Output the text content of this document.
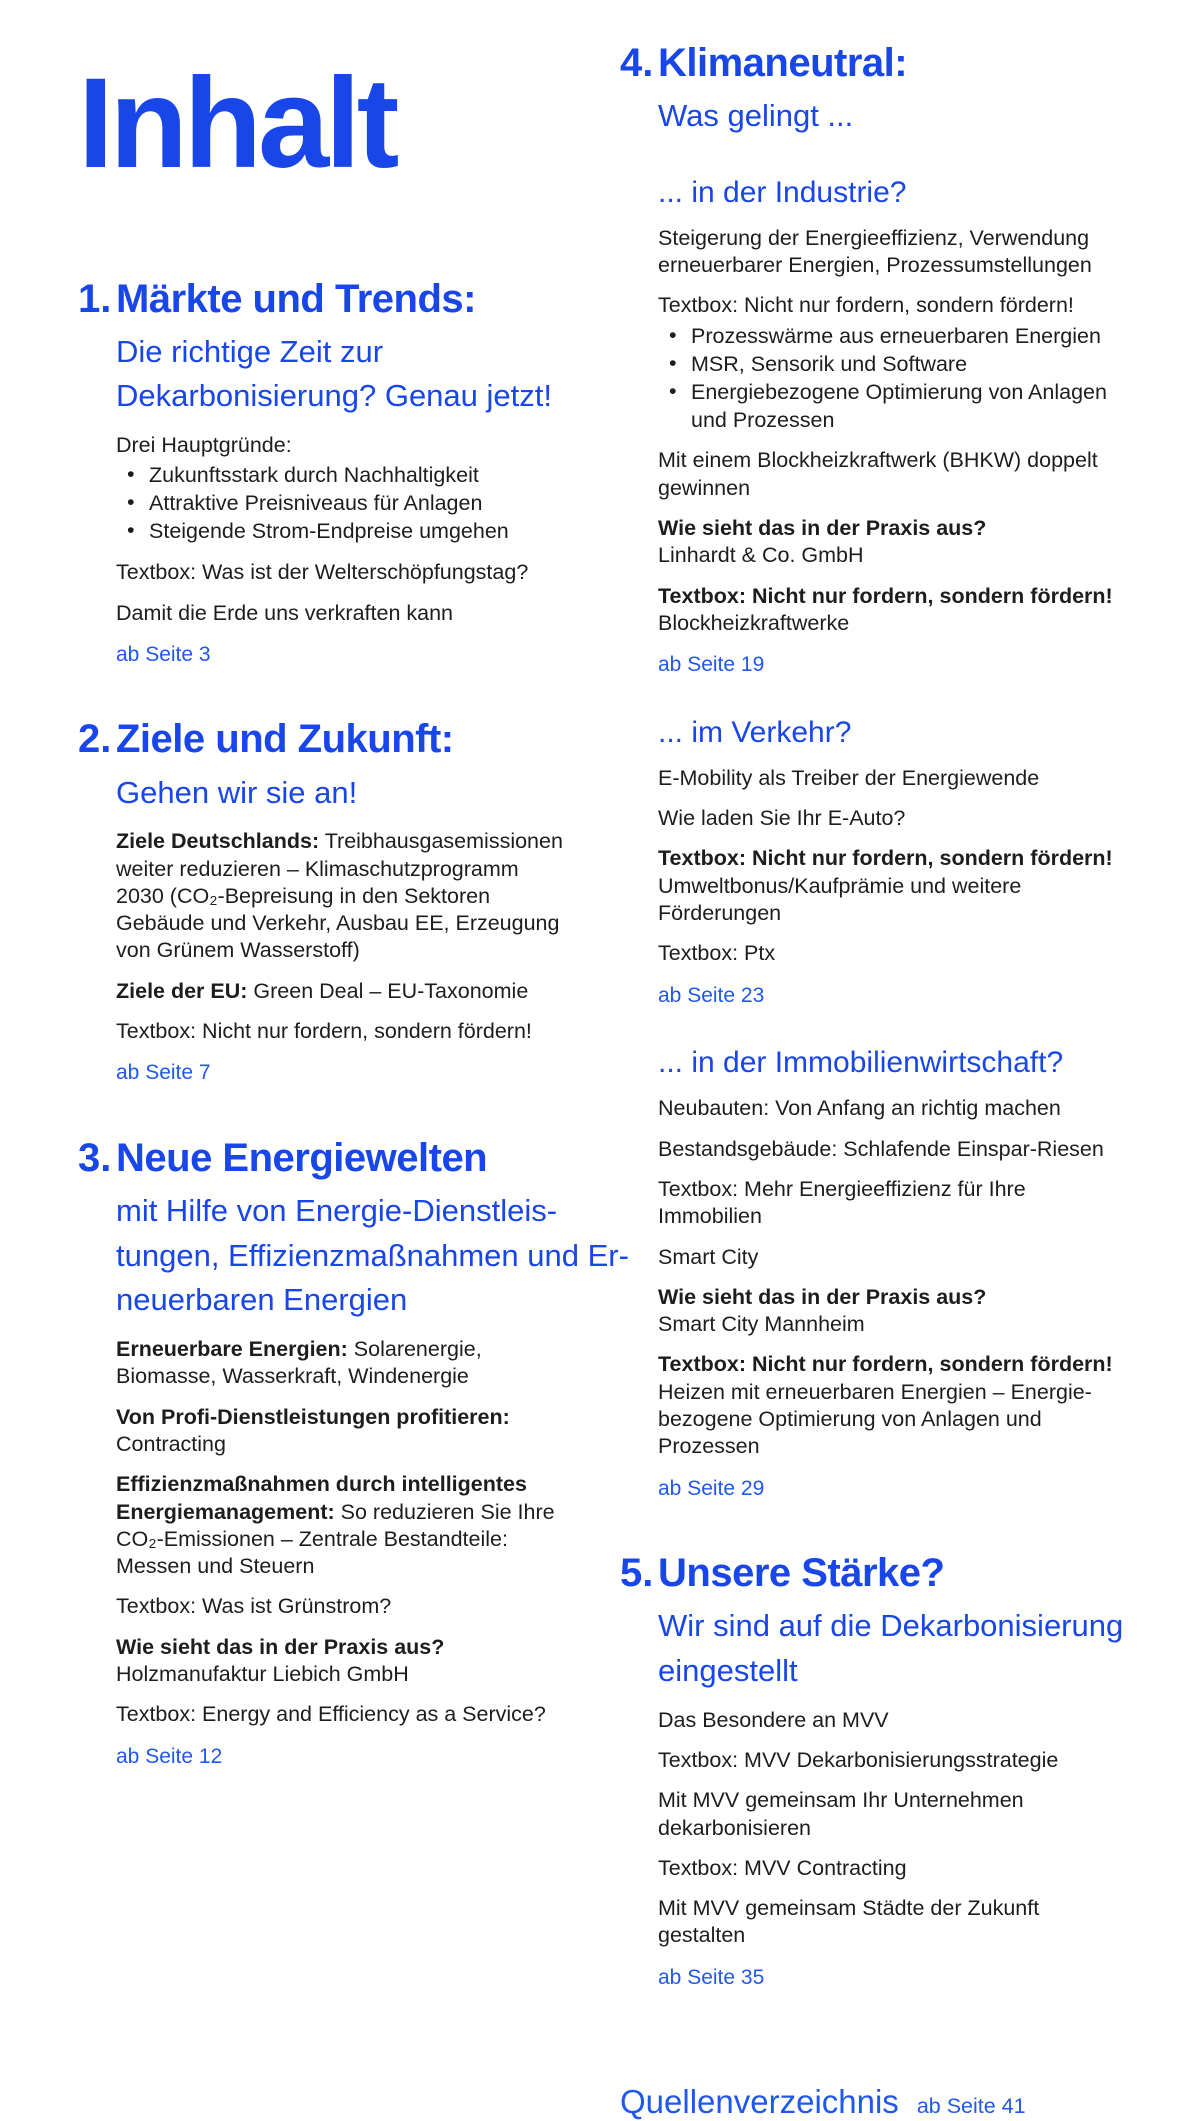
Inhalt
1. Märkte und Trends:
Die richtige Zeit zur
Dekarbonisierung? Genau jetzt!

Drei Hauptgründe:

• Zukunftsstark durch Nachhaltigkeit
• Attraktive Preisniveaus für Anlagen
• Steigende Strom-Endpreise umgehen

Textbox: Was ist der Welterschöpfungstag?

Damit die Erde uns verkraften kann

ab Seite 3

2. Ziele und Zukunft:
Gehen wir sie an!

Ziele Deutschlands: Treibhausgasemissionen weiter reduzieren – Klimaschutzprogramm 2030 (CO₂-Bepreisung in den Sektoren Gebäude und Verkehr, Ausbau EE, Erzeugung von Grünem Wasserstoff)

Ziele der EU: Green Deal – EU-Taxonomie

Textbox: Nicht nur fordern, sondern fördern!

ab Seite 7

3. Neue Energiewelten
mit Hilfe von Energie-Dienstleis-
tungen, Effizienzmaßnahmen und Er-
neuerbaren Energien

Erneuerbare Energien: Solarenergie, Biomasse, Wasserkraft, Windenergie

Von Profi-Dienstleistungen profitieren:
Contracting

Effizienzmaßnahmen durch intelligentes Energiemanagement: So reduzieren Sie Ihre CO₂-Emissionen – Zentrale Bestandteile: Messen und Steuern

Textbox: Was ist Grünstrom?

Wie sieht das in der Praxis aus?
Holzmanufaktur Liebich GmbH

Textbox: Energy and Efficiency as a Service?

ab Seite 12

4. Klimaneutral:
Was gelingt ...
... in der Industrie?

Steigerung der Energieeffizienz, Verwendung erneuerbarer Energien, Prozessumstellungen

Textbox: Nicht nur fordern, sondern fördern!

• Prozesswärme aus erneuerbaren Energien
• MSR, Sensorik und Software
• Energiebezogene Optimierung von Anlagen und Prozessen

Mit einem Blockheizkraftwerk (BHKW) doppelt gewinnen

Wie sieht das in der Praxis aus?
Linhardt & Co. GmbH

Textbox: Nicht nur fordern, sondern fördern!
Blockheizkraftwerke

ab Seite 19

... im Verkehr?

E-Mobility als Treiber der Energiewende

Wie laden Sie Ihr E-Auto?

Textbox: Nicht nur fordern, sondern fördern!
Umweltbonus/Kaufprämie und weitere Förderungen

Textbox: Ptx

ab Seite 23

... in der Immobilienwirtschaft?

Neubauten: Von Anfang an richtig machen

Bestandsgebäude: Schlafende Einspar-Riesen

Textbox: Mehr Energieeffizienz für Ihre Immobilien

Smart City

Wie sieht das in der Praxis aus?
Smart City Mannheim

Textbox: Nicht nur fordern, sondern fördern!
Heizen mit erneuerbaren Energien – Energie-bezogene Optimierung von Anlagen und Prozessen

ab Seite 29

5. Unsere Stärke?
Wir sind auf die Dekarbonisierung
eingestellt

Das Besondere an MVV

Textbox: MVV Dekarbonisierungsstrategie

Mit MVV gemeinsam Ihr Unternehmen dekarbonisieren

Textbox: MVV Contracting

Mit MVV gemeinsam Städte der Zukunft gestalten

ab Seite 35

Quellenverzeichnis ab Seite 41
